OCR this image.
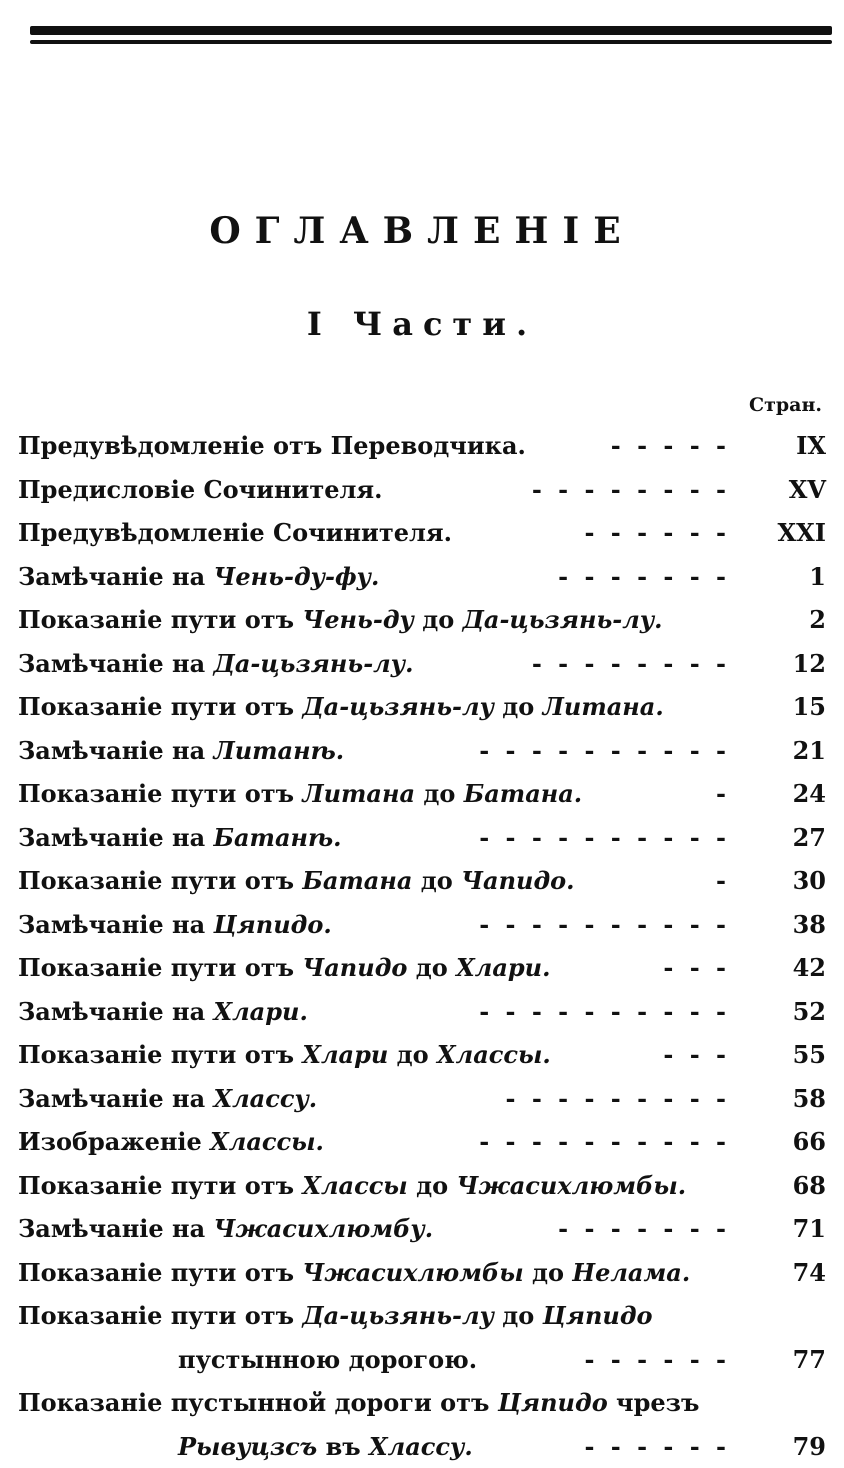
ОГЛАВЛЕНІЕ
I Части.
Стран.
Предувѣдомленіе отъ Переводчика.	- - - - -	IX
Предисловіе Сочинителя.	- - - - - - - -	XV
Предувѣдомленіе Сочинителя.	- - - - - -	XXI
Замѣчаніе на Чень-ду-фу.	- - - - - - -	1
Показаніе пути отъ Чень-ду до Да-цьзянь-лу.	2
Замѣчаніе на Да-цьзянь-лу.	- - - - - - - -	12
Показаніе пути отъ Да-цьзянь-лу до Литана.	15
Замѣчаніе на Литанѣ.	- - - - - - - - - -	21
Показаніе пути отъ Литана до Батана.	-	24
Замѣчаніе на Батанѣ.	- - - - - - - - - -	27
Показаніе пути отъ Батана до Чапидо.	-	30
Замѣчаніе на Цяпидо.	- - - - - - - - - -	38
Показаніе пути отъ Чапидо до Хлари.	- - -	42
Замѣчаніе на Хлари.	- - - - - - - - - -	52
Показаніе пути отъ Хлари до Хлассы.	- - -	55
Замѣчаніе на Хлассу.	- - - - - - - - -	58
Изображеніе Хлассы.	- - - - - - - - - -	66
Показаніе пути отъ Хлассы до Чжасихлюмбы.	68
Замѣчаніе на Чжасихлюмбу.	- - - - - - -	71
Показаніе пути отъ Чжасихлюмбы до Нелама.	74
Показаніе пути отъ Да-цьзянь-лу до Цяпидо
пустынною дорогою.	- - - - - -	77
Показаніе пустынной дороги отъ Цяпидо чрезъ
Рывуцзсъ въ Хлассу.	- - - - - -	79
